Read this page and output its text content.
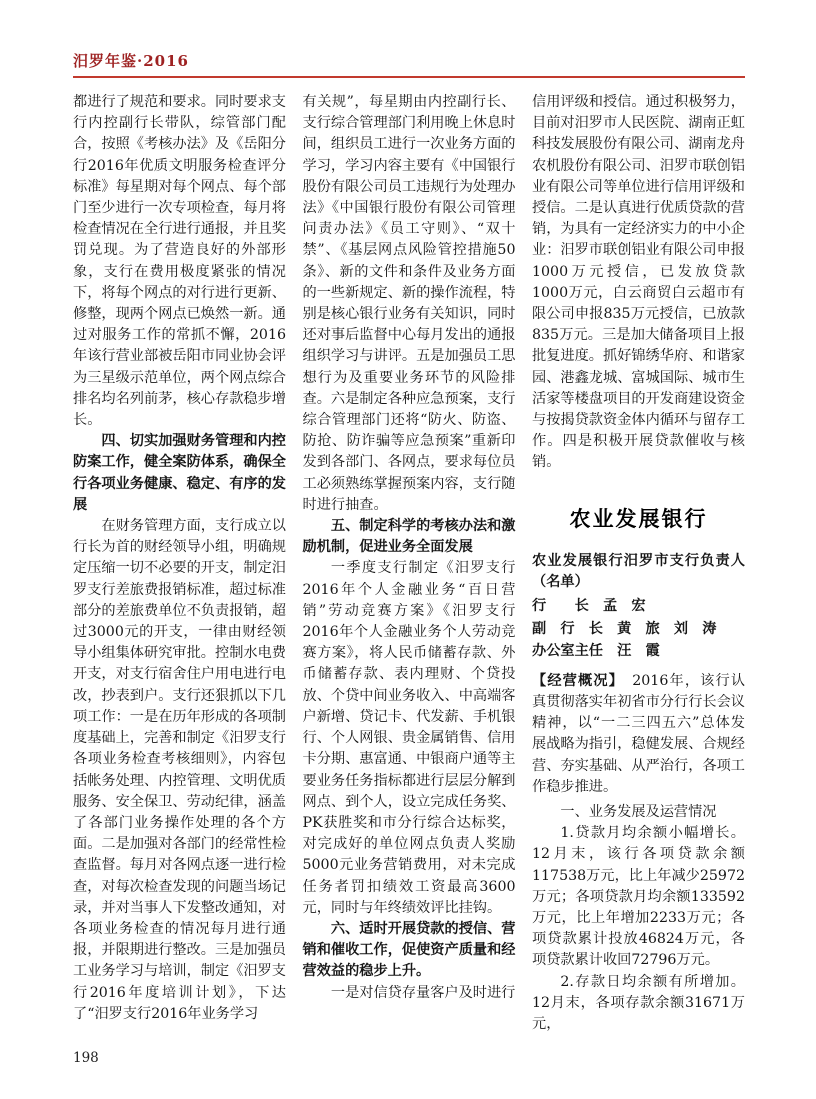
汨罗年鉴·2016

都进行了规范和要求。同时要求支行内控副行长带队，综管部门配合，按照《考核办法》及《岳阳分行2016年优质文明服务检查评分标准》每星期对每个网点、每个部门至少进行一次专项检查，每月将检查情况在全行进行通报，并且奖罚兑现。为了营造良好的外部形象，支行在费用极度紧张的情况下，将每个网点的对行进行更新、修整，现两个网点已焕然一新。通过对服务工作的常抓不懈，2016年该行营业部被岳阳市同业协会评为三星级示范单位，两个网点综合排名均名列前茅，核心存款稳步增长。

四、切实加强财务管理和内控防案工作，健全案防体系，确保全行各项业务健康、稳定、有序的发展

在财务管理方面，支行成立以行长为首的财经领导小组，明确规定压缩一切不必要的开支，制定汨罗支行差旅费报销标准，超过标准部分的差旅费单位不负责报销，超过3000元的开支，一律由财经领导小组集体研究审批。控制水电费开支，对支行宿舍住户用电进行电改，抄表到户。支行还狠抓以下几项工作：一是在历年形成的各项制度基础上，完善和制定《汨罗支行各项业务检查考核细则》，内容包括帐务处理、内控管理、文明优质服务、安全保卫、劳动纪律，涵盖了各部门业务操作处理的各个方面。二是加强对各部门的经常性检查监督。每月对各网点逐一进行检查，对每次检查发现的问题当场记录，并对当事人下发整改通知，对各项业务检查的情况每月进行通报，并限期进行整改。三是加强员工业务学习与培训，制定《汨罗支行2016年度培训计划》，下达了“汨罗支行2016年业务学习

有关规”，每星期由内控副行长、支行综合管理部门利用晚上休息时间，组织员工进行一次业务方面的学习，学习内容主要有《中国银行股份有限公司员工违规行为处理办法》《中国银行股份有限公司管理问责办法》《员工守则》、“双十禁”、《基层网点风险管控措施50条》、新的文件和条件及业务方面的一些新规定、新的操作流程，特别是核心银行业务有关知识，同时还对事后监督中心每月发出的通报组织学习与讲评。五是加强员工思想行为及重要业务环节的风险排查。六是制定各种应急预案，支行综合管理部门还将“防火、防盗、防抢、防诈骗等应急预案”重新印发到各部门、各网点，要求每位员工必须熟练掌握预案内容，支行随时进行抽查。

五、制定科学的考核办法和激励机制，促进业务全面发展

一季度支行制定《汨罗支行2016年个人金融业务“百日营销”劳动竞赛方案》《汨罗支行2016年个人金融业务个人劳动竞赛方案》，将人民币储蓄存款、外币储蓄存款、表内理财、个贷投放、个贷中间业务收入、中高端客户新增、贷记卡、代发薪、手机银行、个人网银、贵金属销售、信用卡分期、惠富通、中银商户通等主要业务任务指标都进行层层分解到网点、到个人，设立完成任务奖、PK获胜奖和市分行综合达标奖，对完成好的单位网点负责人奖励5000元业务营销费用，对未完成任务者罚扣绩效工资最高3600元，同时与年终绩效评比挂钩。

六、适时开展贷款的授信、营销和催收工作，促使资产质量和经营效益的稳步上升。

一是对信贷存量客户及时进行

信用评级和授信。通过积极努力，目前对汨罗市人民医院、湖南正虹科技发展股份有限公司、湖南龙舟农机股份有限公司、汨罗市联创铝业有限公司等单位进行信用评级和授信。二是认真进行优质贷款的营销，为具有一定经济实力的中小企业：汨罗市联创铝业有限公司申报1000万元授信，已发放贷款　1000万元，白云商贸白云超市有限公司申报835万元授信，已放款835万元。三是加大储备项目上报批复进度。抓好锦绣华府、和谐家园、港鑫龙城、富城国际、城市生活家等楼盘项目的开发商建设资金与按揭贷款资金体内循环与留存工作。四是积极开展贷款催收与核销。

农业发展银行

农业发展银行汨罗市支行负责人（名单）

行　　长 孟　宏
副　行　长 黄　旅　刘　涛
办公室主任 汪　霞

【经营概况】　2016年，该行认真贯彻落实年初省市分行行长会议精神，以“一二三四五六”总体发展战略为指引，稳健发展、合规经营、夯实基础、从严治行，各项工作稳步推进。

一、业务发展及运营情况

1.贷款月均余额小幅增长。12月末，该行各项贷款余额117538万元，比上年减少25972万元；各项贷款月均余额133592万元，比上年增加2233万元；各项贷款累计投放46824万元，各项贷款累计收回72796万元。

2.存款日均余额有所增加。12月末，各项存款余额31671万元，

198
